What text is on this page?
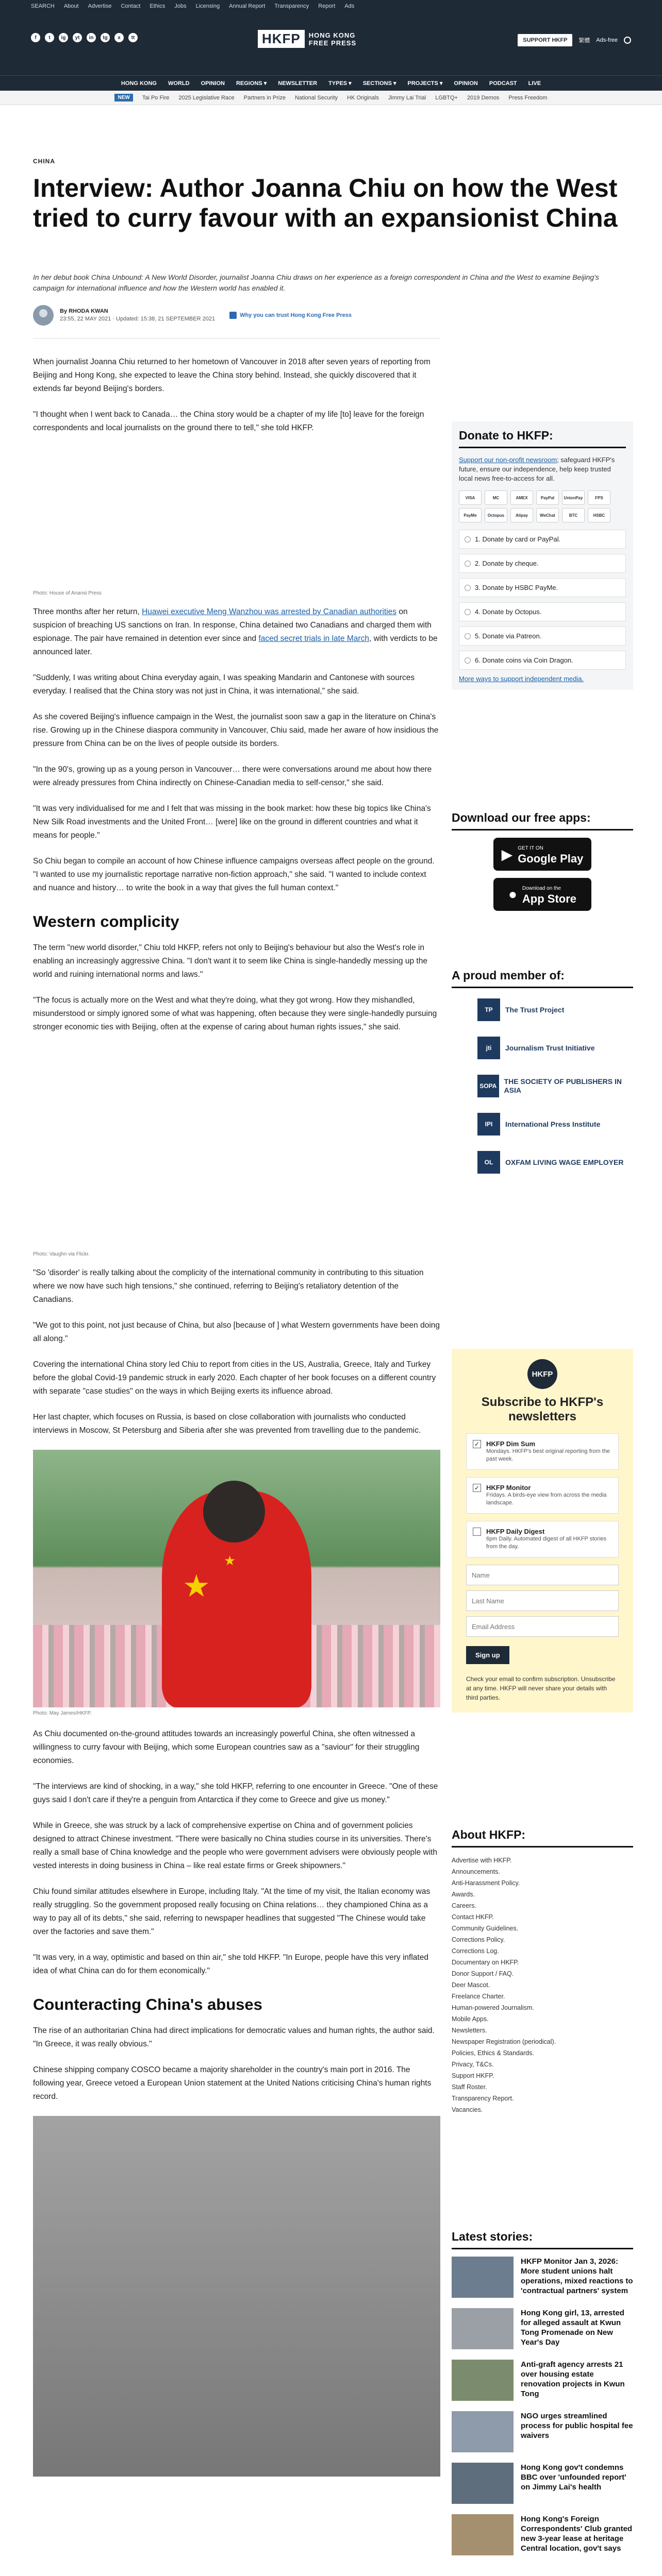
SEARCH About Advertise Contact Ethics Jobs Licensing Annual Report Transparency Report Ads
f	t	ig	yt	in	tg	x	tt	HKFP	HONG KONG
FREE PRESS	SUPPORT HKFP	繁體 Ads-free
HONG KONG WORLD OPINION REGIONS ▾ NEWSLETTER TYPES ▾ SECTIONS ▾ PROJECTS ▾ OPINION PODCAST LIVE
NEW	Tai Po Fire 2025 Legislative Race Partners in Prize National Security HK Originals Jimmy Lai Trial LGBTQ+ 2019 Demos Press Freedom
CHINA
Interview: Author Joanna Chiu on how the West tried to curry favour with an expansionist China

In her debut book China Unbound: A New World Disorder, journalist Joanna Chiu draws on her experience as a foreign correspondent in China and the West to examine Beijing's campaign for international influence and how the Western world has enabled it.

By RHODA KWAN
23:55, 22 MAY 2021 · Updated: 15:38, 21 SEPTEMBER 2021
Why you can trust Hong Kong Free Press

When journalist Joanna Chiu returned to her hometown of Vancouver in 2018 after seven years of reporting from Beijing and Hong Kong, she expected to leave the China story behind. Instead, she quickly discovered that it extends far beyond Beijing's borders.

"I thought when I went back to Canada… the China story would be a chapter of my life [to] leave for the foreign correspondents and local journalists on the ground there to tell," she told HKFP.

Photo: House of Anansi Press

Three months after her return, Huawei executive Meng Wanzhou was arrested by Canadian authorities on suspicion of breaching US sanctions on Iran. In response, China detained two Canadians and charged them with espionage. The pair have remained in detention ever since and faced secret trials in late March, with verdicts to be announced later.

"Suddenly, I was writing about China everyday again, I was speaking Mandarin and Cantonese with sources everyday. I realised that the China story was not just in China, it was international," she said.

As she covered Beijing's influence campaign in the West, the journalist soon saw a gap in the literature on China's rise. Growing up in the Chinese diaspora community in Vancouver, Chiu said, made her aware of how insidious the pressure from China can be on the lives of people outside its borders.

"In the 90's, growing up as a young person in Vancouver… there were conversations around me about how there were already pressures from China indirectly on Chinese-Canadian media to self-censor," she said.

"It was very individualised for me and I felt that was missing in the book market: how these big topics like China's New Silk Road investments and the United Front… [were] like on the ground in different countries and what it means for people."

So Chiu began to compile an account of how Chinese influence campaigns overseas affect people on the ground. "I wanted to use my journalistic reportage narrative non-fiction approach," she said. "I wanted to include context and nuance and history… to write the book in a way that gives the full human context."

Western complicity

The term "new world disorder," Chiu told HKFP, refers not only to Beijing's behaviour but also the West's role in enabling an increasingly aggressive China. "I don't want it to seem like China is single-handedly messing up the world and ruining international norms and laws."

"The focus is actually more on the West and what they're doing, what they got wrong. How they mishandled, misunderstood or simply ignored some of what was happening, often because they were single-handedly pursuing stronger economic ties with Beijing, often at the expense of caring about human rights issues," she said.

Photo: Vaughn via Flickr.

"So 'disorder' is really talking about the complicity of the international community in contributing to this situation where we now have such high tensions," she continued, referring to Beijing's retaliatory detention of the Canadians.

"We got to this point, not just because of China, but also [because of ] what Western governments have been doing all along."

Covering the international China story led Chiu to report from cities in the US, Australia, Greece, Italy and Turkey before the global Covid-19 pandemic struck in early 2020. Each chapter of her book focuses on a different country with separate "case studies" on the ways in which Beijing exerts its influence abroad.

Her last chapter, which focuses on Russia, is based on close collaboration with journalists who conducted interviews in Moscow, St Petersburg and Siberia after she was prevented from travelling due to the pandemic.

★
★
Photo: May James/HKFP.

As Chiu documented on-the-ground attitudes towards an increasingly powerful China, she often witnessed a willingness to curry favour with Beijing, which some European countries saw as a "saviour" for their struggling economies.

"The interviews are kind of shocking, in a way," she told HKFP, referring to one encounter in Greece. "One of these guys said I don't care if they're a penguin from Antarctica if they come to Greece and give us money."

While in Greece, she was struck by a lack of comprehensive expertise on China and of government policies designed to attract Chinese investment. "There were basically no China studies course in its universities. There's really a small base of China knowledge and the people who were government advisers were obviously people with vested interests in doing business in China – like real estate firms or Greek shipowners."

Chiu found similar attitudes elsewhere in Europe, including Italy. "At the time of my visit, the Italian economy was really struggling. So the government proposed really focusing on China relations… they championed China as a way to pay all of its debts," she said, referring to newspaper headlines that suggested "The Chinese would take over the factories and save them."

"It was very, in a way, optimistic and based on thin air," she told HKFP. "In Europe, people have this very inflated idea of what China can do for them economically."

Counteracting China's abuses

The rise of an authoritarian China had direct implications for democratic values and human rights, the author said. "In Greece, it was really obvious."

Chinese shipping company COSCO became a majority shareholder in the country's main port in 2016. The following year, Greece vetoed a European Union statement at the United Nations criticising China's human rights record.

Donate to HKFP:

Support our non-profit newsroom; safeguard HKFP's future, ensure our independence, help keep trusted local news free-to-access for all.

VISA	MC	AMEX	PayPal	UnionPay	FPS
PayMe	Octopus	Alipay	WeChat	BTC	HSBC
1. Donate by card or PayPal.
2. Donate by cheque.
3. Donate by HSBC PayMe.
4. Donate by Octopus.
5. Donate via Patreon.
6. Donate coins via Coin Dragon.
More ways to support independent media.
Download our free apps:
▶ GET IT ON
Google Play
● Download on the
App Store
A proud member of:
TP	The Trust Project
jti	Journalism Trust Initiative
SOPA
THE SOCIETY OF PUBLISHERS IN ASIA
IPI	International Press Institute
OL	OXFAM LIVING WAGE EMPLOYER
HKFP
Subscribe to HKFP's newsletters
✓ HKFP Dim Sum
Mondays. HKFP's best original reporting from the past week.
✓ HKFP Monitor
Fridays. A birds-eye view from across the media landscape.
HKFP Daily Digest
6pm Daily. Automated digest of all HKFP stories from the day.
Name Last Name Email Address Sign up

Check your email to confirm subscription. Unsubscribe at any time. HKFP will never share your details with third parties.

About HKFP:
Advertise with HKFP.
Announcements.
Anti-Harassment Policy.
Awards.
Careers.
Contact HKFP.
Community Guidelines.
Corrections Policy.
Corrections Log.
Documentary on HKFP.
Donor Support / FAQ.
Deer Mascot.
Freelance Charter.
Human-powered Journalism.
Mobile Apps.
Newsletters.
Newspaper Registration (periodical).
Policies, Ethics & Standards.
Privacy, T&Cs.
Support HKFP.
Staff Roster.
Transparency Report.
Vacancies.
Latest stories:
HKFP Monitor Jan 3, 2026: More student unions halt operations, mixed reactions to 'contractual partners' system
Hong Kong girl, 13, arrested for alleged assault at Kwun Tong Promenade on New Year's Day
Anti-graft agency arrests 21 over housing estate renovation projects in Kwun Tong
NGO urges streamlined process for public hospital fee waivers
Hong Kong gov't condemns BBC over 'unfounded report' on Jimmy Lai's health
Hong Kong's Foreign Correspondents' Club granted new 3-year lease at heritage Central location, gov't says
